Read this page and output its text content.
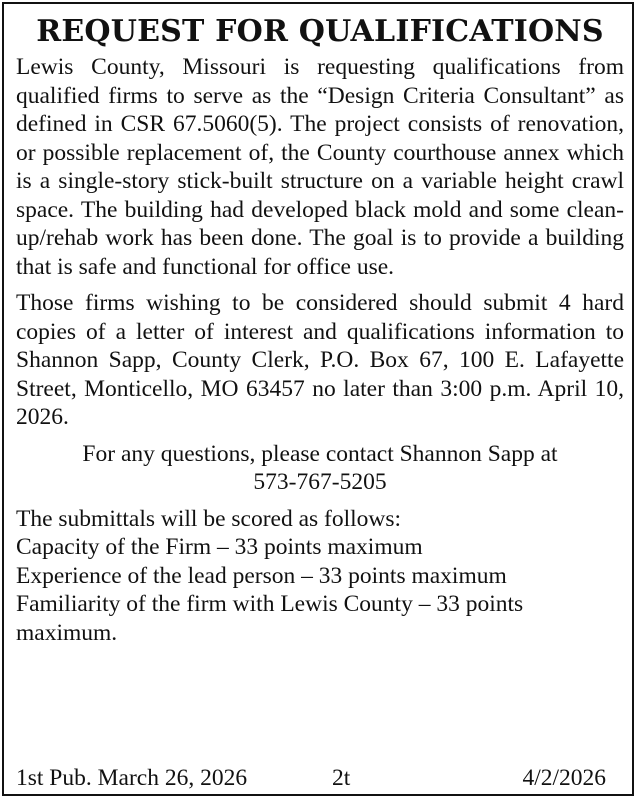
REQUEST FOR QUALIFICATIONS

Lewis County, Missouri is requesting qualifications from qualified firms to serve as the “Design Criteria Consultant” as defined in CSR 67.5060(5). The project consists of renovation, or possible replacement of, the County courthouse annex which is a single-story stick-built structure on a variable height crawl space. The building had developed black mold and some clean-up/rehab work has been done. The goal is to provide a building that is safe and functional for office use.

Those firms wishing to be considered should submit 4 hard copies of a letter of interest and qualifications information to Shannon Sapp, County Clerk, P.O. Box 67, 100 E. Lafayette Street, Monticello, MO 63457 no later than 3:00 p.m. April 10, 2026.

For any questions, please contact Shannon Sapp at
573-767-5205
The submittals will be scored as follows:
Capacity of the Firm – 33 points maximum
Experience of the lead person – 33 points maximum
Familiarity of the firm with Lewis County – 33 points maximum.
1st Pub. March 26, 2026	2t	4/2/2026
